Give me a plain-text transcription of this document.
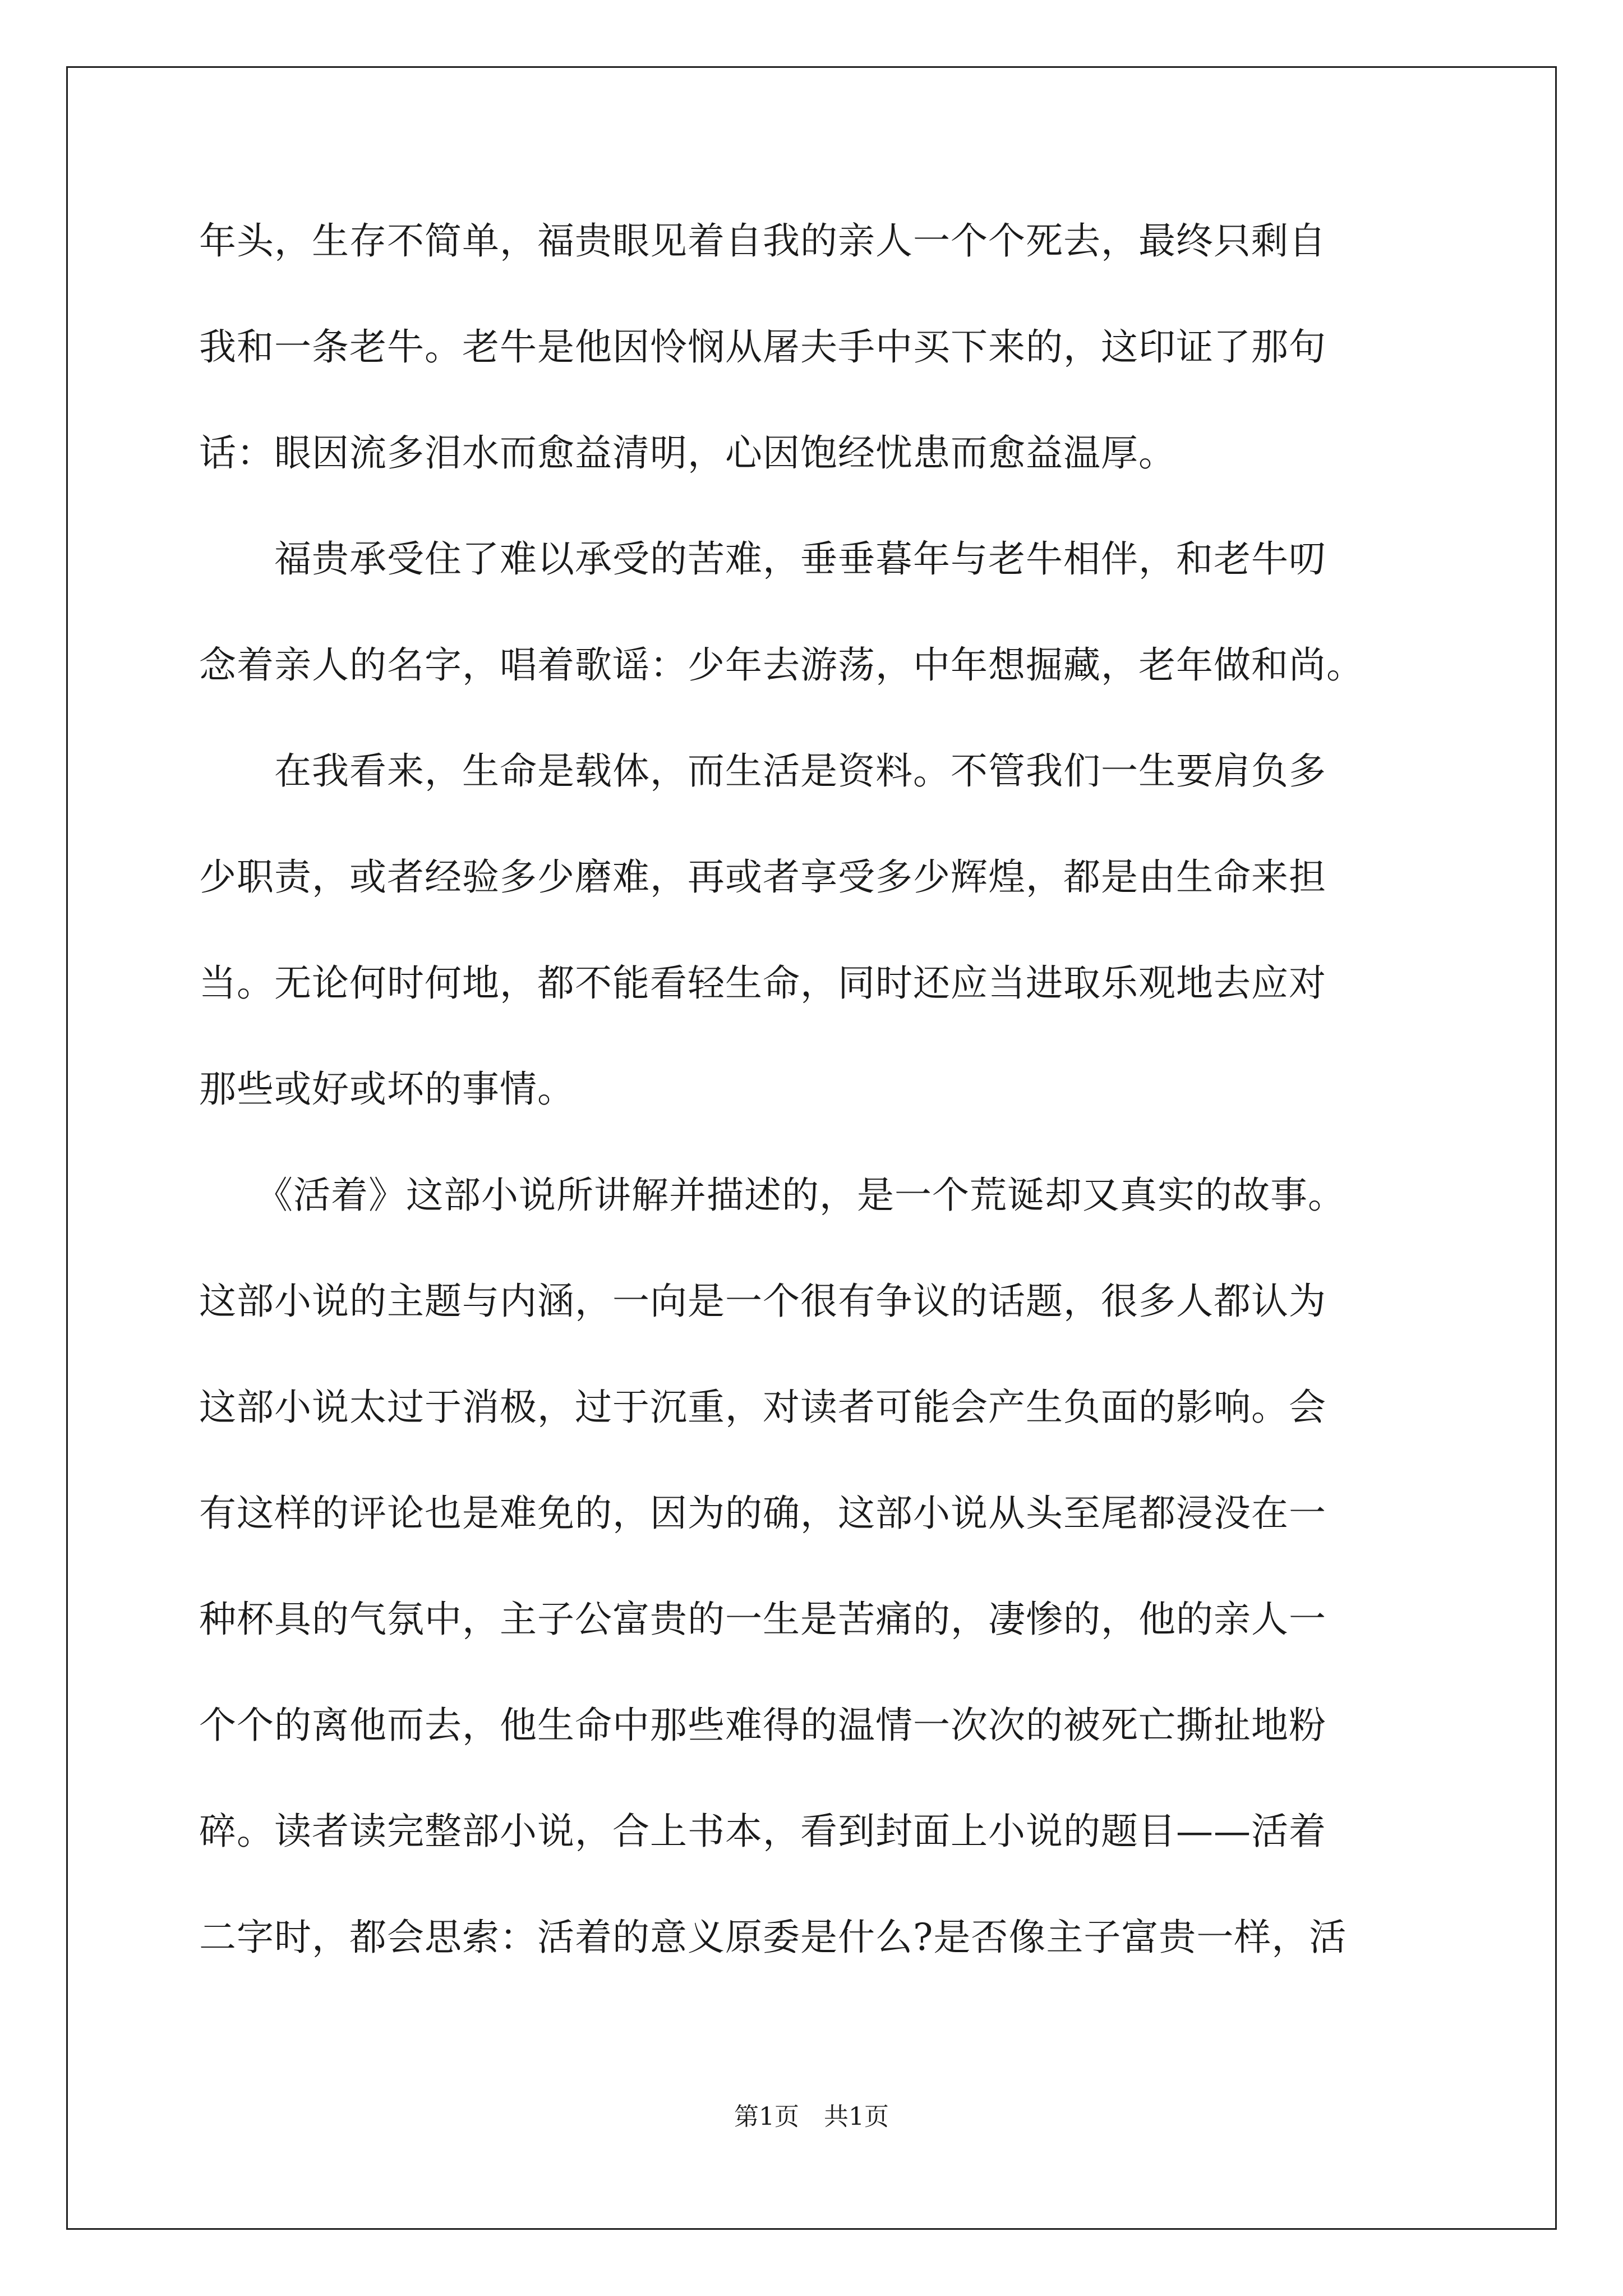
年头，生存不简单，福贵眼见着自我的亲人一个个死去，最终只剩自
我和一条老牛。老牛是他因怜悯从屠夫手中买下来的，这印证了那句
话：眼因流多泪水而愈益清明，心因饱经忧患而愈益温厚。
　　福贵承受住了难以承受的苦难，垂垂暮年与老牛相伴，和老牛叨
念着亲人的名字，唱着歌谣：少年去游荡，中年想掘藏，老年做和尚。
　　在我看来，生命是载体，而生活是资料。不管我们一生要肩负多
少职责，或者经验多少磨难，再或者享受多少辉煌，都是由生命来担
当。无论何时何地，都不能看轻生命，同时还应当进取乐观地去应对
那些或好或坏的事情。
　　《活着》这部小说所讲解并描述的，是一个荒诞却又真实的故事。
这部小说的主题与内涵，一向是一个很有争议的话题，很多人都认为
这部小说太过于消极，过于沉重，对读者可能会产生负面的影响。会
有这样的评论也是难免的，因为的确，这部小说从头至尾都浸没在一
种杯具的气氛中，主子公富贵的一生是苦痛的，凄惨的，他的亲人一
个个的离他而去，他生命中那些难得的温情一次次的被死亡撕扯地粉
碎。读者读完整部小说，合上书本，看到封面上小说的题目——活着
二字时，都会思索：活着的意义原委是什么?是否像主子富贵一样，活
第1页 共1页
